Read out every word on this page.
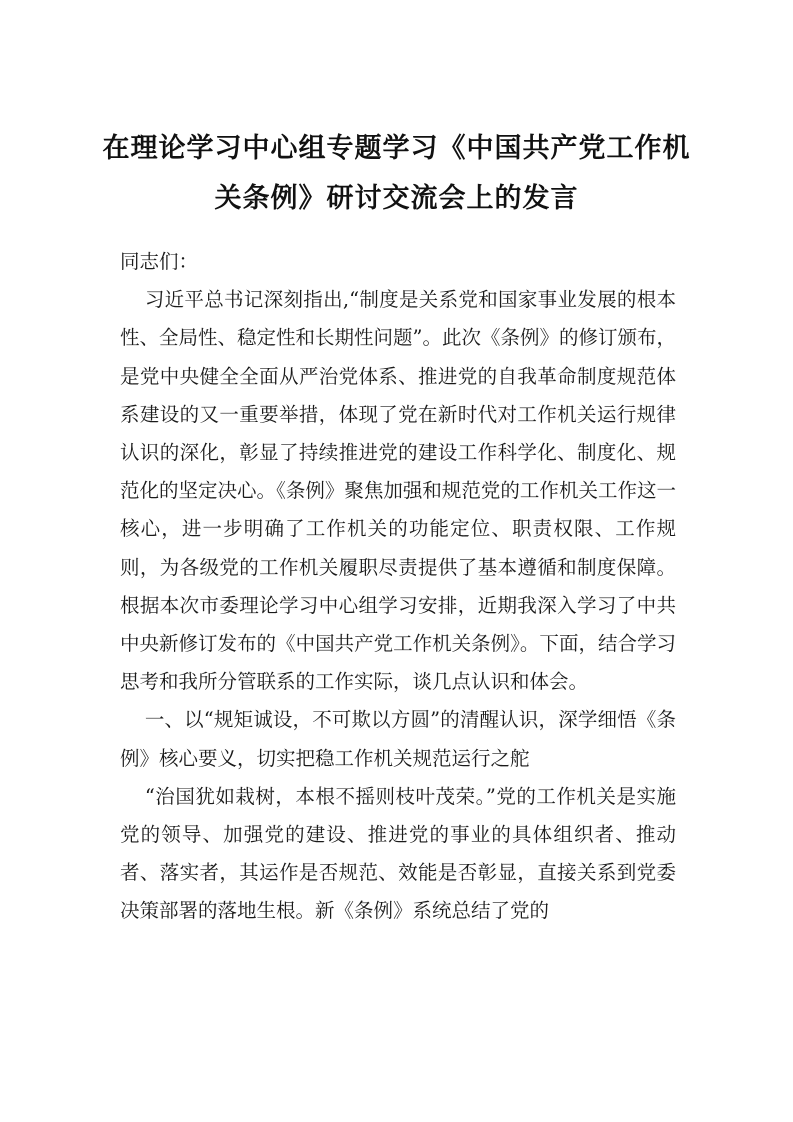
在理论学习中心组专题学习《中国共产党工作机关条例》研讨交流会上的发言

同志们：

习近平总书记深刻指出,“制度是关系党和国家事业发展的根本性、全局性、稳定性和长期性问题”。此次《条例》的修订颁布，是党中央健全全面从严治党体系、推进党的自我革命制度规范体系建设的又一重要举措，体现了党在新时代对工作机关运行规律认识的深化，彰显了持续推进党的建设工作科学化、制度化、规范化的坚定决心。《条例》聚焦加强和规范党的工作机关工作这一核心，进一步明确了工作机关的功能定位、职责权限、工作规则，为各级党的工作机关履职尽责提供了基本遵循和制度保障。根据本次市委理论学习中心组学习安排，近期我深入学习了中共中央新修订发布的《中国共产党工作机关条例》。下面，结合学习思考和我所分管联系的工作实际，谈几点认识和体会。

一、以“规矩诚设，不可欺以方圆”的清醒认识，深学细悟《条例》核心要义，切实把稳工作机关规范运行之舵

“治国犹如栽树，本根不摇则枝叶茂荣。”党的工作机关是实施党的领导、加强党的建设、推进党的事业的具体组织者、推动者、落实者，其运作是否规范、效能是否彰显，直接关系到党委决策部署的落地生根。新《条例》系统总结了党的
